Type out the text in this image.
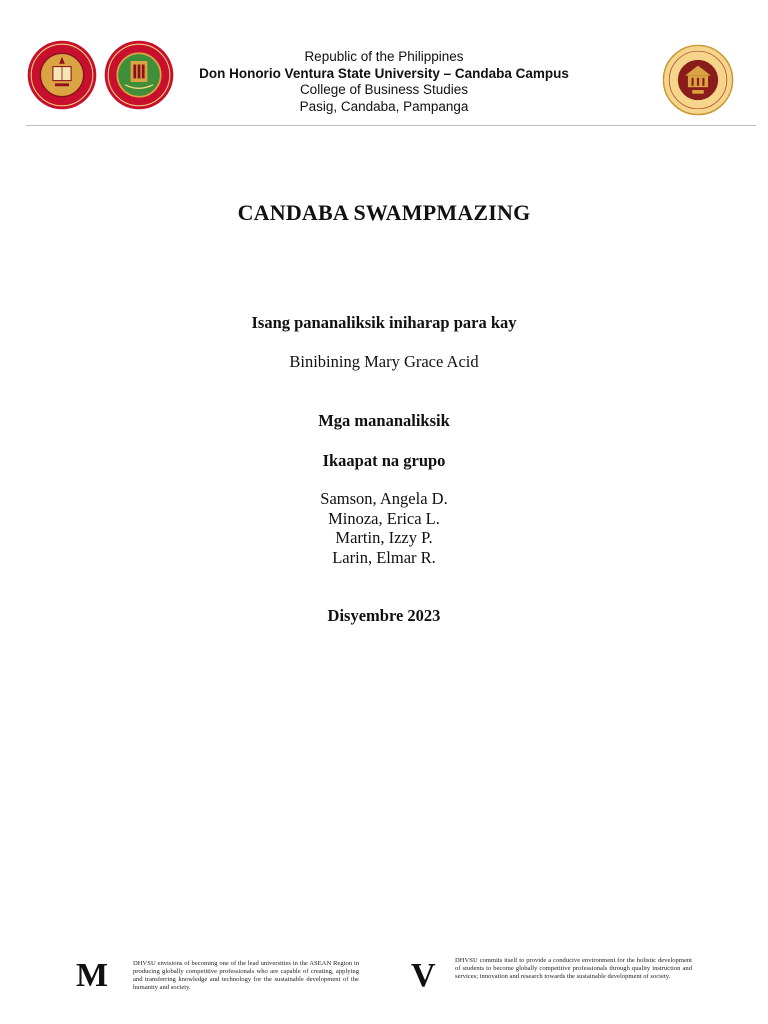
Republic of the Philippines
Don Honorio Ventura State University – Candaba Campus
College of Business Studies
Pasig, Candaba, Pampanga
CANDABA SWAMPMAZING
Isang pananaliksik iniharap para kay
Binibining Mary Grace Acid
Mga mananaliksik
Ikaapat na grupo
Samson, Angela D.
Minoza, Erica L.
Martin, Izzy P.
Larin, Elmar R.
Disyembre 2023
M	DHVSU envisions of becoming one of the lead universities in the ASEAN Region in producing globally competitive professionals who are capable of creating, applying and transferring knowledge and technology for the sustainable development of the humanity and society.	V	DHVSU commits itself to provide a conducive environment for the holistic development of students to become globally competitive professionals through quality instruction and services; innovation and research towards the sustainable development of society.
